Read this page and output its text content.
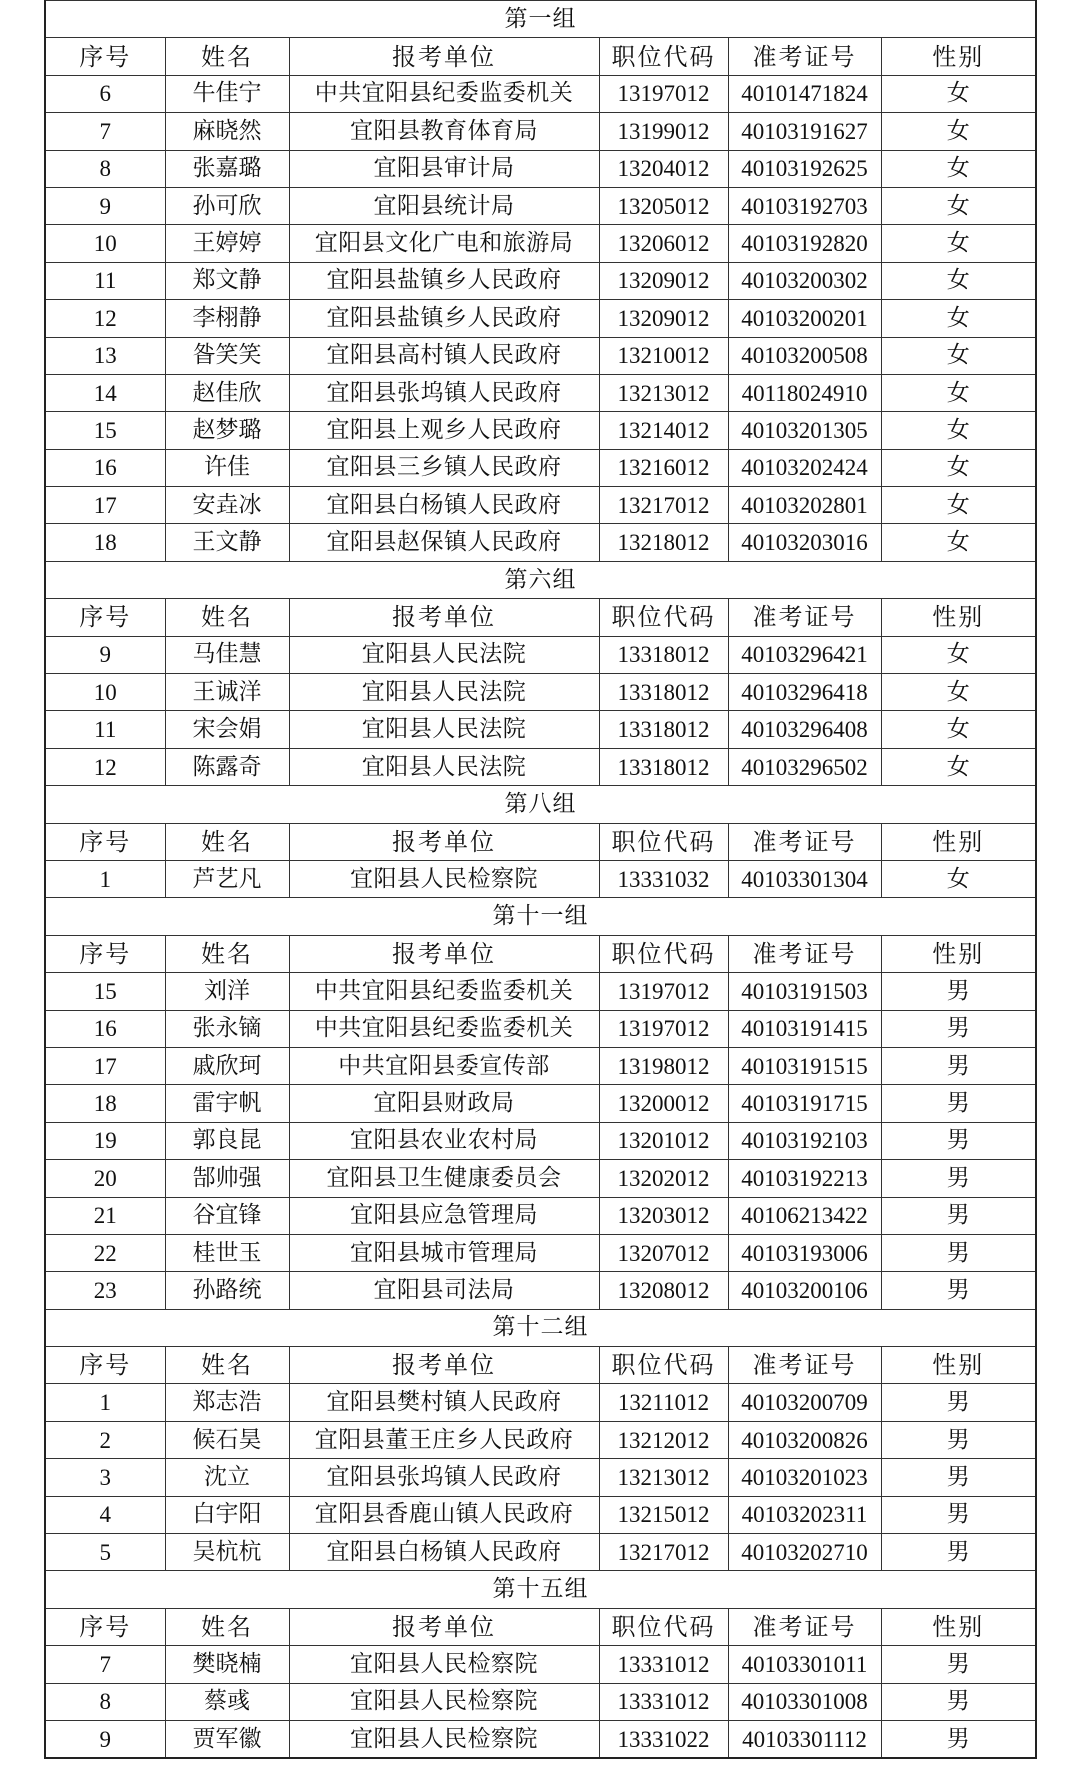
第一组					
序号	姓名	报考单位	职位代码	准考证号	性别
6	牛佳宁	中共宜阳县纪委监委机关	13197012	40101471824	女
7	麻晓然	宜阳县教育体育局	13199012	40103191627	女
8	张嘉璐	宜阳县审计局	13204012	40103192625	女
9	孙可欣	宜阳县统计局	13205012	40103192703	女
10	王婷婷	宜阳县文化广电和旅游局	13206012	40103192820	女
11	郑文静	宜阳县盐镇乡人民政府	13209012	40103200302	女
12	李栩静	宜阳县盐镇乡人民政府	13209012	40103200201	女
13	昝笑笑	宜阳县高村镇人民政府	13210012	40103200508	女
14	赵佳欣	宜阳县张坞镇人民政府	13213012	40118024910	女
15	赵梦璐	宜阳县上观乡人民政府	13214012	40103201305	女
16	许佳	宜阳县三乡镇人民政府	13216012	40103202424	女
17	安垚冰	宜阳县白杨镇人民政府	13217012	40103202801	女
18	王文静	宜阳县赵保镇人民政府	13218012	40103203016	女
第六组					
序号	姓名	报考单位	职位代码	准考证号	性别
9	马佳慧	宜阳县人民法院	13318012	40103296421	女
10	王诚洋	宜阳县人民法院	13318012	40103296418	女
11	宋会娟	宜阳县人民法院	13318012	40103296408	女
12	陈露奇	宜阳县人民法院	13318012	40103296502	女
第八组					
序号	姓名	报考单位	职位代码	准考证号	性别
1	芦艺凡	宜阳县人民检察院	13331032	40103301304	女
第十一组					
序号	姓名	报考单位	职位代码	准考证号	性别
15	刘洋	中共宜阳县纪委监委机关	13197012	40103191503	男
16	张永镝	中共宜阳县纪委监委机关	13197012	40103191415	男
17	戚欣珂	中共宜阳县委宣传部	13198012	40103191515	男
18	雷宇帆	宜阳县财政局	13200012	40103191715	男
19	郭良昆	宜阳县农业农村局	13201012	40103192103	男
20	郜帅强	宜阳县卫生健康委员会	13202012	40103192213	男
21	谷宜锋	宜阳县应急管理局	13203012	40106213422	男
22	桂世玉	宜阳县城市管理局	13207012	40103193006	男
23	孙路统	宜阳县司法局	13208012	40103200106	男
第十二组					
序号	姓名	报考单位	职位代码	准考证号	性别
1	郑志浩	宜阳县樊村镇人民政府	13211012	40103200709	男
2	候石昊	宜阳县董王庄乡人民政府	13212012	40103200826	男
3	沈立	宜阳县张坞镇人民政府	13213012	40103201023	男
4	白宇阳	宜阳县香鹿山镇人民政府	13215012	40103202311	男
5	吴杭杭	宜阳县白杨镇人民政府	13217012	40103202710	男
第十五组					
序号	姓名	报考单位	职位代码	准考证号	性别
7	樊晓楠	宜阳县人民检察院	13331012	40103301011	男
8	蔡彧	宜阳县人民检察院	13331012	40103301008	男
9	贾军徽	宜阳县人民检察院	13331022	40103301112	男
